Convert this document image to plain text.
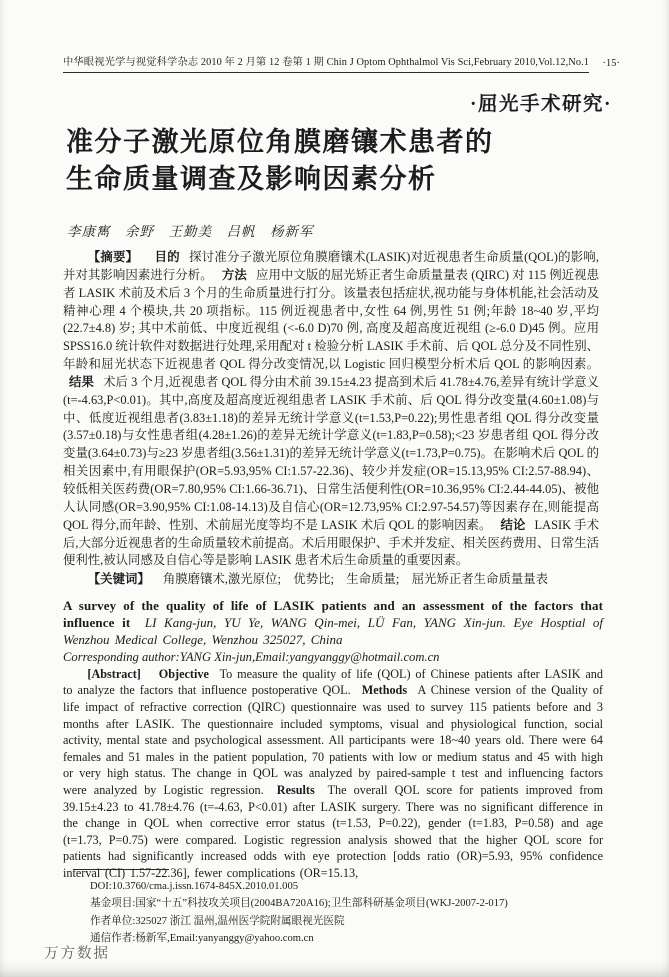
中华眼视光学与视觉科学杂志 2010 年 2 月第 12 卷第 1 期 Chin J Optom Ophthalmol Vis Sci,February 2010,Vol.12,No.1 ·15·
·屈光手术研究·
准分子激光原位角膜磨镶术患者的
生命质量调查及影响因素分析
李康寯　余野　王勤美　吕帆　杨新军

【摘要】 目的 探讨准分子激光原位角膜磨镶术(LASIK)对近视患者生命质量(QOL)的影响,并对其影响因素进行分析。 方法 应用中文版的屈光矫正者生命质量量表 (QIRC) 对 115 例近视患者 LASIK 术前及术后 3 个月的生命质量进行打分。该量表包括症状,视功能与身体机能,社会活动及精神心理 4 个模块,共 20 项指标。115 例近视患者中,女性 64 例,男性 51 例;年龄 18~40 岁,平均(22.7±4.8) 岁; 其中术前低、中度近视组 (<-6.0 D)70 例, 高度及超高度近视组 (≥-6.0 D)45 例。应用 SPSS16.0 统计软件对数据进行处理,采用配对 t 检验分析 LASIK 手术前、后 QOL 总分及不同性别、年龄和屈光状态下近视患者 QOL 得分改变情况,以 Logistic 回归模型分析术后 QOL 的影响因素。 结果 术后 3 个月,近视患者 QOL 得分由术前 39.15±4.23 提高到术后 41.78±4.76,差异有统计学意义(t=-4.63,P<0.01)。其中,高度及超高度近视组患者 LASIK 手术前、后 QOL 得分改变量(4.60±1.08)与中、低度近视组患者(3.83±1.18)的差异无统计学意义(t=1.53,P=0.22);男性患者组 QOL 得分改变量(3.57±0.18)与女性患者组(4.28±1.26)的差异无统计学意义(t=1.83,P=0.58);<23 岁患者组 QOL 得分改变量(3.64±0.73)与≥23 岁患者组(3.56±1.31)的差异无统计学意义(t=1.73,P=0.75)。在影响术后 QOL 的相关因素中,有用眼保护(OR=5.93,95% CI:1.57-22.36)、较少并发症(OR=15.13,95% CI:2.57-88.94)、较低相关医药费(OR=7.80,95% CI:1.66-36.71)、日常生活便利性(OR=10.36,95% CI:2.44-44.05)、被他人认同感(OR=3.90,95% CI:1.08-14.13)及自信心(OR=12.73,95% CI:2.97-54.57)等因素存在,则能提高 QOL 得分,而年龄、性别、术前屈光度等均不是 LASIK 术后 QOL 的影响因素。 结论 LASIK 手术后,大部分近视患者的生命质量较术前提高。术后用眼保护、手术并发症、相关医药费用、日常生活便利性,被认同感及自信心等是影响 LASIK 患者术后生命质量的重要因素。

【关键词】 角膜磨镶术,激光原位;　优势比;　生命质量;　屈光矫正者生命质量量表

A survey of the quality of life of LASIK patients and an assessment of the factors that influence it LI Kang-jun, YU Ye, WANG Qin-mei, LÜ Fan, YANG Xin-jun. Eye Hosptial of Wenzhou Medical College, Wenzhou 325027, China

Corresponding author:YANG Xin-jun,Email:yangyanggy@hotmail.com.cn

[Abstract] Objective To measure the quality of life (QOL) of Chinese patients after LASIK and to analyze the factors that influence postoperative QOL. Methods A Chinese version of the Quality of life impact of refractive correction (QIRC) questionnaire was used to survey 115 patients before and 3 months after LASIK. The questionnaire included symptoms, visual and physiological function, social activity, mental state and psychological assessment. All participants were 18~40 years old. There were 64 females and 51 males in the patient population, 70 patients with low or medium status and 45 with high or very high status. The change in QOL was analyzed by paired-sample t test and influencing factors were analyzed by Logistic regression. Results The overall QOL score for patients improved from 39.15±4.23 to 41.78±4.76 (t=-4.63, P<0.01) after LASIK surgery. There was no significant difference in the change in QOL when corrective error status (t=1.53, P=0.22), gender (t=1.83, P=0.58) and age (t=1.73, P=0.75) were compared. Logistic regression analysis showed that the higher QOL score for patients had significantly increased odds with eye protection [odds ratio (OR)=5.93, 95% confidence interval (CI) 1.57-22.36], fewer complications (OR=15.13,

DOI:10.3760/cma.j.issn.1674-845X.2010.01.005
基金项目:国家“十五”科技攻关项目(2004BA720A16);卫生部科研基金项目(WKJ-2007-2-017)
作者单位:325027 浙江 温州,温州医学院附属眼视光医院
通信作者:杨新军,Email:yanyanggy@yahoo.com.cn
万方数据
